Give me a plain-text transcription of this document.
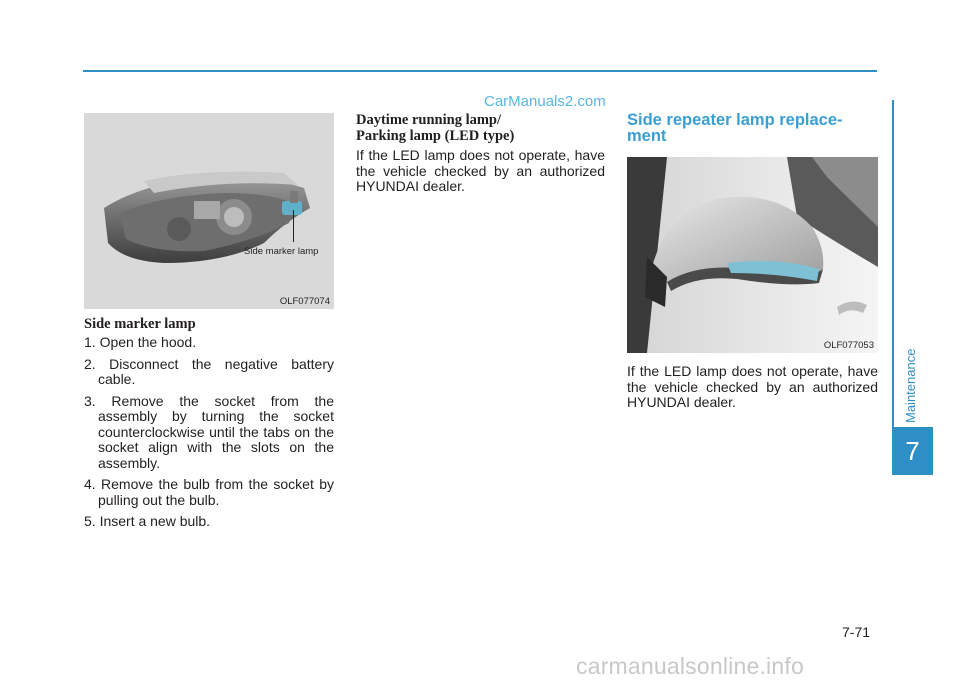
CarManuals2.com
Side marker lamp
OLF077074
Side marker lamp
1. Open the hood.
2. Disconnect the negative battery cable.
3. Remove the socket from the assembly by turning the socket counterclockwise until the tabs on the socket align with the slots on the assembly.
4. Remove the bulb from the socket by pulling out the bulb.
5. Insert a new bulb.
Daytime running lamp/
Parking lamp (LED type)
If the LED lamp does not operate, have the vehicle checked by an authorized HYUNDAI dealer.
Side repeater lamp replace-ment
OLF077053
If the LED lamp does not operate, have the vehicle checked by an authorized HYUNDAI dealer.	Maintenance
7
7-71
carmanualsonline.info
